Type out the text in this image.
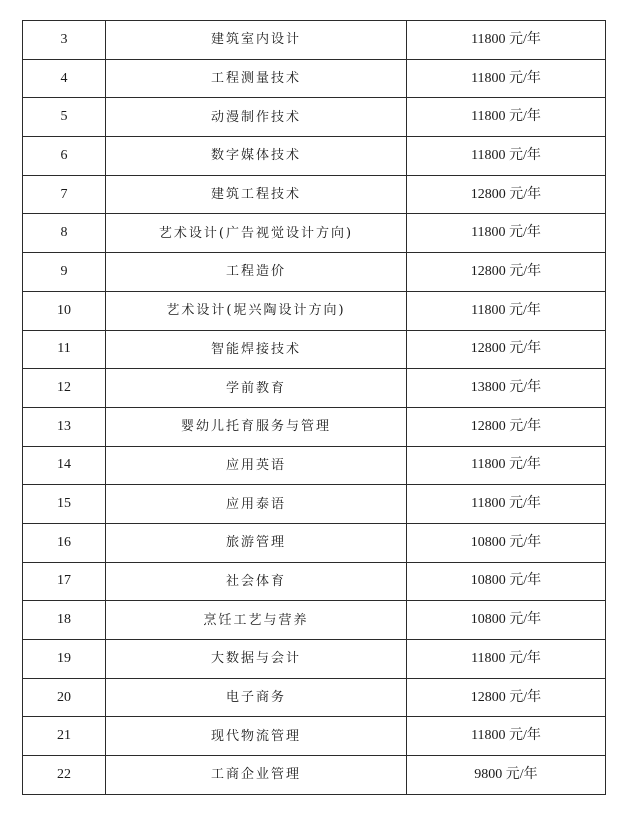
3	建筑室内设计	11800 元/年
4	工程测量技术	11800 元/年
5	动漫制作技术	11800 元/年
6	数字媒体技术	11800 元/年
7	建筑工程技术	12800 元/年
8	艺术设计(广告视觉设计方向)	11800 元/年
9	工程造价	12800 元/年
10	艺术设计(坭兴陶设计方向)	11800 元/年
11	智能焊接技术	12800 元/年
12	学前教育	13800 元/年
13	婴幼儿托育服务与管理	12800 元/年
14	应用英语	11800 元/年
15	应用泰语	11800 元/年
16	旅游管理	10800 元/年
17	社会体育	10800 元/年
18	烹饪工艺与营养	10800 元/年
19	大数据与会计	11800 元/年
20	电子商务	12800 元/年
21	现代物流管理	11800 元/年
22	工商企业管理	9800 元/年
